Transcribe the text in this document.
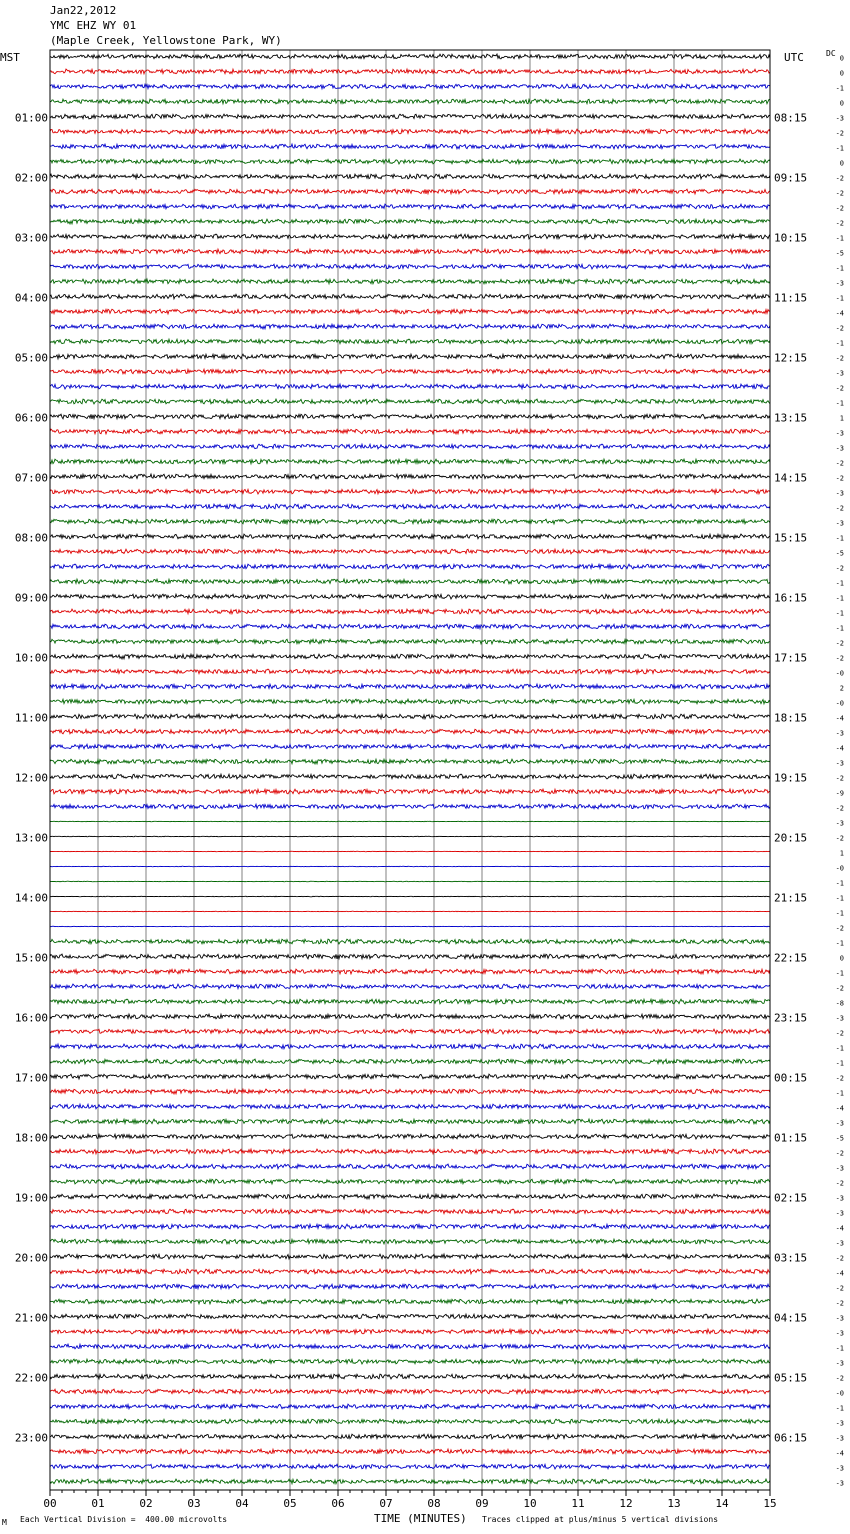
00	01	02	03	04	05	06	07	08	09	10	11	12	13	14	15
01:00
02:00
03:00
04:00
05:00
06:00
07:00
08:00
09:00
10:00
11:00
12:00
13:00
14:00
15:00
16:00
17:00
18:00
19:00
20:00
21:00
22:00
23:00
08:15
09:15
10:15
11:15
12:15
13:15
14:15
15:15
16:15
17:15
18:15
19:15
20:15
21:15
22:15
23:15
00:15
01:15
02:15
03:15
04:15
05:15
06:15
0
0
-1
0
-3
-2
-1
0
-2
-2
-2
-2
-1
-5
-1
-3
-1
-4
-2
-1
-2
-3
-2
-1
1
-3
-3
-2
-2
-3
-2
-3
-1
-5
-2
-1
-1
-1
-1
-2
-2
-0
2
-0
-4
-3
-4
-3
-2
-9
-2
-3
-2
1
-0
-1
-1
-1
-2
-1
0
-1
-2
-8
-3
-2
-1
-1
-2
-1
-4
-3
-5
-2
-3
-2
-3
-3
-4
-3
-2
-4
-2
-2
-3
-3
-1
-3
-2
-0
-1
-3
-3
-4
-3
-3
Jan22,2012
YMC EHZ WY 01
(Maple Creek, Yellowstone Park, WY)
MST	UTC	DC
M Each Vertical Division =  400.00 microvolts	TIME (MINUTES) Traces clipped at plus/minus 5 vertical divisions
